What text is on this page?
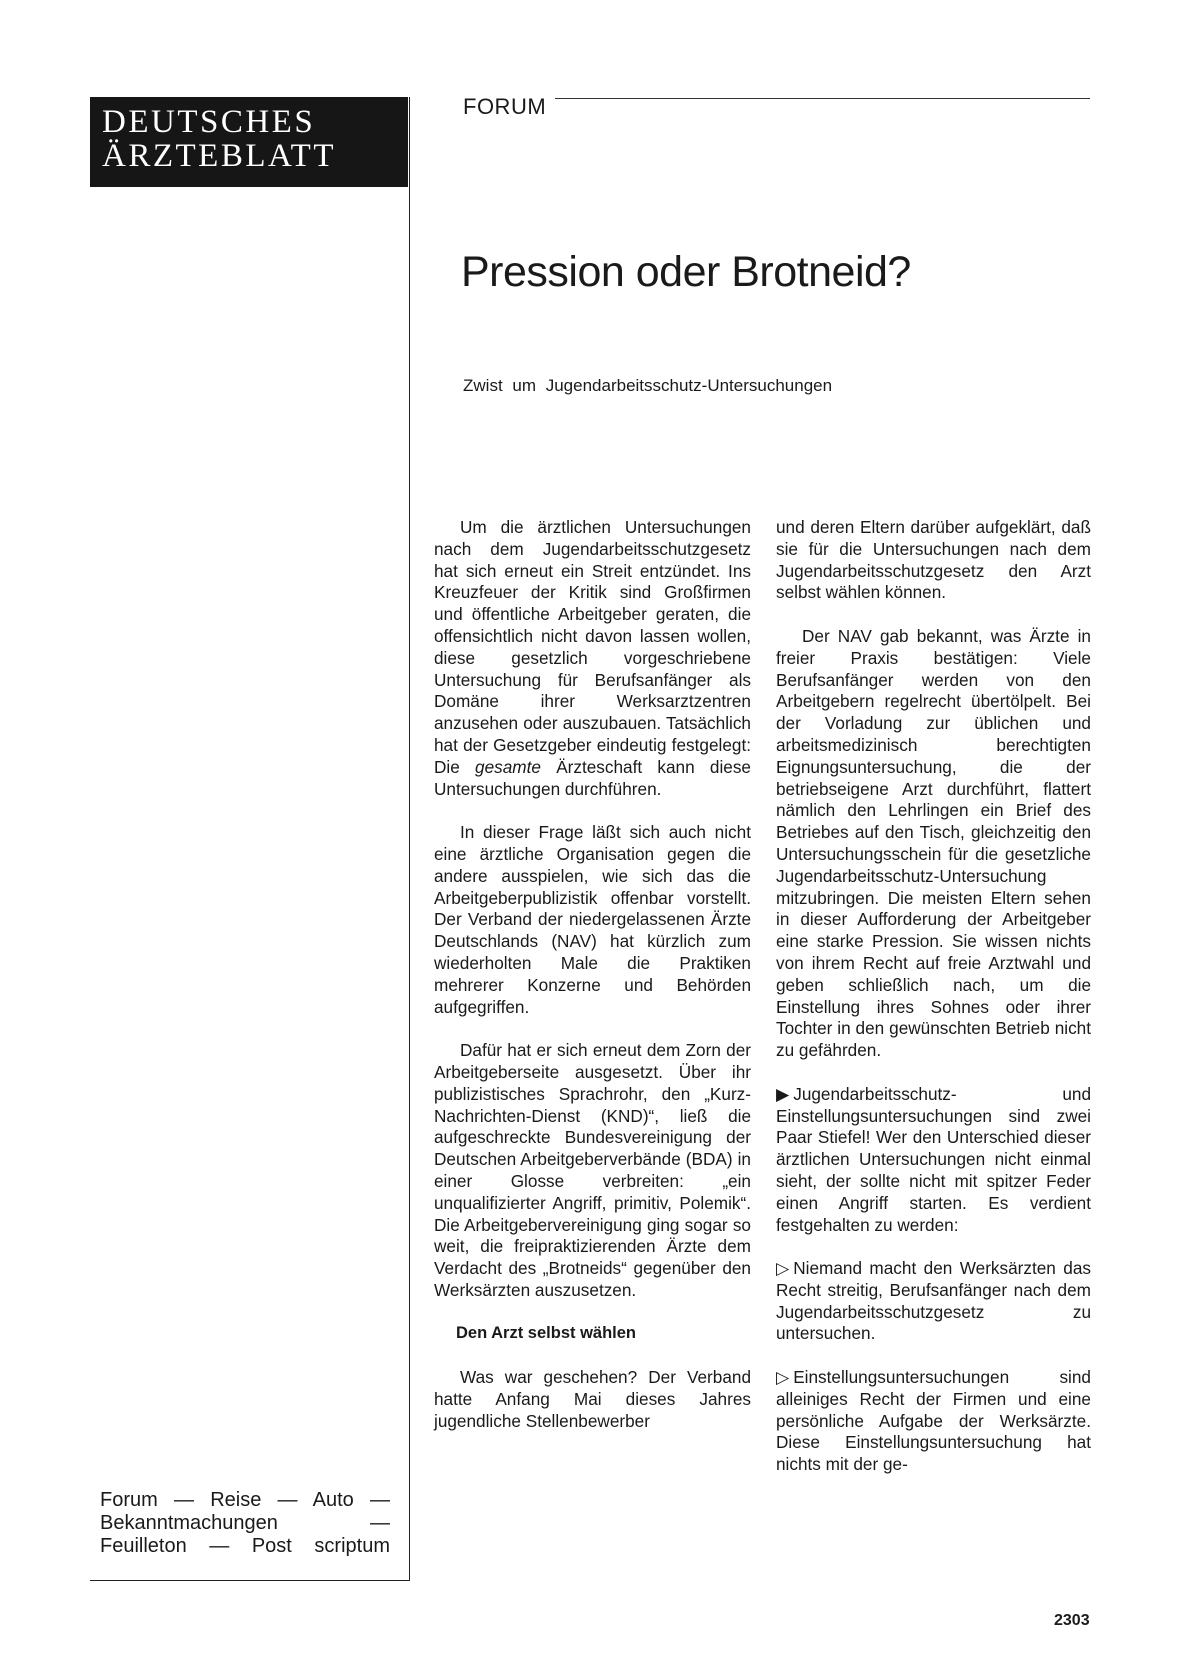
DEUTSCHES
ÄRZTEBLATT
Forum — Reise — Auto — Bekanntmachungen — Feuilleton — Post scriptum
FORUM
Pression oder Brotneid?
Zwist um Jugendarbeitsschutz-Untersuchungen

Um die ärztlichen Untersuchungen nach dem Jugendarbeitsschutzgesetz hat sich erneut ein Streit entzündet. Ins Kreuzfeuer der Kritik sind Großfirmen und öffentliche Arbeitgeber geraten, die offensichtlich nicht davon lassen wollen, diese gesetzlich vorgeschriebene Untersuchung für Berufsanfänger als Domäne ihrer Werksarztzentren anzusehen oder auszubauen. Tatsächlich hat der Gesetzgeber eindeutig festgelegt: Die gesamte Ärzteschaft kann diese Untersuchungen durchführen.

In dieser Frage läßt sich auch nicht eine ärztliche Organisation gegen die andere ausspielen, wie sich das die Arbeitgeberpublizistik offenbar vorstellt. Der Verband der niedergelassenen Ärzte Deutschlands (NAV) hat kürzlich zum wiederholten Male die Praktiken mehrerer Konzerne und Behörden aufgegriffen.

Dafür hat er sich erneut dem Zorn der Arbeitgeberseite ausgesetzt. Über ihr publizistisches Sprachrohr, den „Kurz-Nachrichten-Dienst (KND)“, ließ die aufgeschreckte Bundesvereinigung der Deutschen Arbeitgeberverbände (BDA) in einer Glosse verbreiten: „ein unqualifizierter Angriff, primitiv, Polemik“. Die Arbeitgebervereinigung ging sogar so weit, die freipraktizierenden Ärzte dem Verdacht des „Brotneids“ gegenüber den Werksärzten auszusetzen.

Den Arzt selbst wählen

Was war geschehen? Der Verband hatte Anfang Mai dieses Jahres jugendliche Stellenbewerber

und deren Eltern darüber aufgeklärt, daß sie für die Untersuchungen nach dem Jugendarbeitsschutzgesetz den Arzt selbst wählen können.

Der NAV gab bekannt, was Ärzte in freier Praxis bestätigen: Viele Berufsanfänger werden von den Arbeitgebern regelrecht übertölpelt. Bei der Vorladung zur üblichen und arbeitsmedizinisch berechtigten Eignungsuntersuchung, die der betriebseigene Arzt durchführt, flattert nämlich den Lehrlingen ein Brief des Betriebes auf den Tisch, gleichzeitig den Untersuchungsschein für die gesetzliche Jugendarbeitsschutz-Untersuchung mitzubringen. Die meisten Eltern sehen in dieser Aufforderung der Arbeitgeber eine starke Pression. Sie wissen nichts von ihrem Recht auf freie Arztwahl und geben schließlich nach, um die Einstellung ihres Sohnes oder ihrer Tochter in den gewünschten Betrieb nicht zu gefährden.

▶ Jugendarbeitsschutz- und Einstellungsuntersuchungen sind zwei Paar Stiefel! Wer den Unterschied dieser ärztlichen Untersuchungen nicht einmal sieht, der sollte nicht mit spitzer Feder einen Angriff starten. Es verdient festgehalten zu werden:

▷ Niemand macht den Werksärzten das Recht streitig, Berufsanfänger nach dem Jugendarbeitsschutzgesetz zu untersuchen.

▷ Einstellungsuntersuchungen sind alleiniges Recht der Firmen und eine persönliche Aufgabe der Werksärzte. Diese Einstellungsuntersuchung hat nichts mit der ge-

2303
